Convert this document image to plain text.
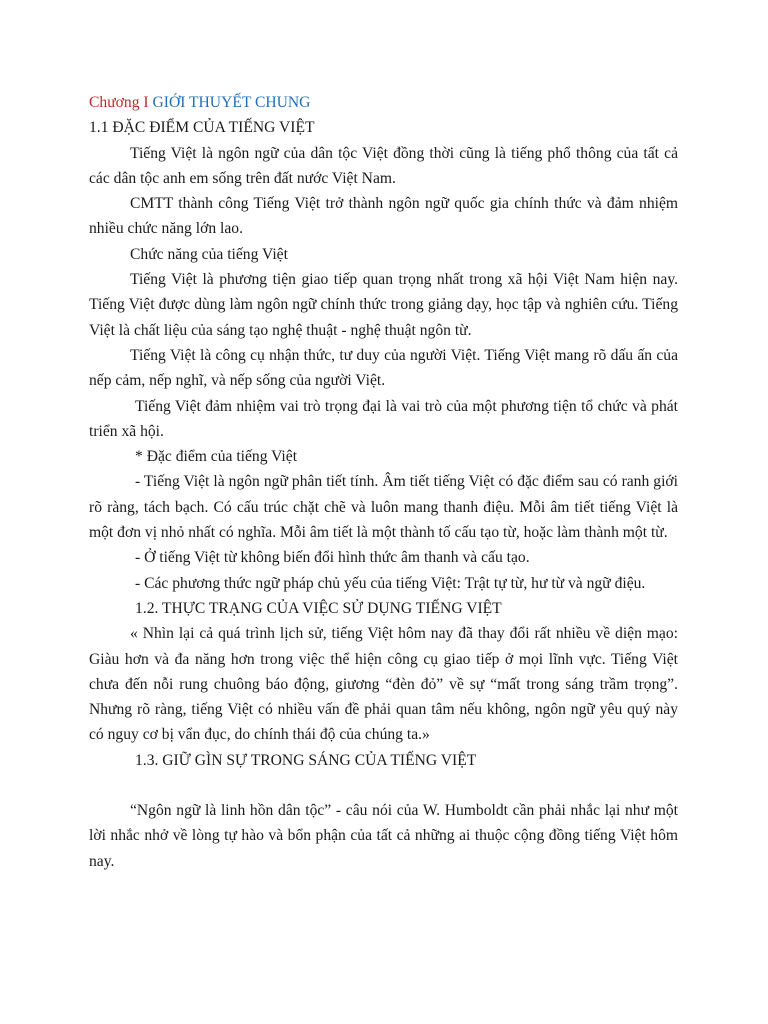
Chương I GIỚI THUYẾT CHUNG

1.1 ĐẶC ĐIỂM CỦA TIẾNG VIỆT

Tiếng Việt là ngôn ngữ của dân tộc Việt đồng thời cũng là tiếng phổ thông của tất cả các dân tộc anh em sống trên đất nước Việt Nam.

CMTT thành công Tiếng Việt trở thành ngôn ngữ quốc gia chính thức và đảm nhiệm nhiều chức năng lớn lao.

Chức năng của tiếng Việt

Tiếng Việt là phương tiện giao tiếp quan trọng nhất trong xã hội Việt Nam hiện nay. Tiếng Việt được dùng làm ngôn ngữ chính thức trong giảng dạy, học tập và nghiên cứu. Tiếng Việt là chất liệu của sáng tạo nghệ thuật - nghệ thuật ngôn từ.

Tiếng Việt là công cụ nhận thức, tư duy của người Việt. Tiếng Việt mang rõ dấu ấn của nếp cảm, nếp nghĩ, và nếp sống của người Việt.

Tiếng Việt đảm nhiệm vai trò trọng đại là vai trò của một phương tiện tổ chức và phát triển xã hội.

* Đặc điểm của tiếng Việt

- Tiếng Việt là ngôn ngữ phân tiết tính. Âm tiết tiếng Việt có đặc điểm sau có ranh giới rõ ràng, tách bạch. Có cấu trúc chặt chẽ và luôn mang thanh điệu. Mỗi âm tiết tiếng Việt là một đơn vị nhỏ nhất có nghĩa. Mỗi âm tiết là một thành tố cấu tạo từ, hoặc làm thành một từ.

- Ở tiếng Việt từ không biến đổi hình thức âm thanh và cấu tạo.

- Các phương thức ngữ pháp chủ yếu của tiếng Việt: Trật tự từ, hư từ và ngữ điệu.

1.2. THỰC TRẠNG CỦA VIỆC SỬ DỤNG TIẾNG VIỆT

« Nhìn lại cả quá trình lịch sử, tiếng Việt hôm nay đã thay đổi rất nhiều về diện mạo: Giàu hơn và đa năng hơn trong việc thể hiện công cụ giao tiếp ở mọi lĩnh vực. Tiếng Việt chưa đến nỗi rung chuông báo động, giương “đèn đỏ” về sự “mất trong sáng trầm trọng”. Nhưng rõ ràng, tiếng Việt có nhiều vấn đề phải quan tâm nếu không, ngôn ngữ yêu quý này có nguy cơ bị vẩn đục, do chính thái độ của chúng ta.»

1.3. GIỮ GÌN SỰ TRONG SÁNG CỦA TIẾNG VIỆT

“Ngôn ngữ là linh hồn dân tộc” - câu nói của W. Humboldt cần phải nhắc lại như một lời nhắc nhở về lòng tự hào và bổn phận của tất cả những ai thuộc cộng đồng tiếng Việt hôm nay.
